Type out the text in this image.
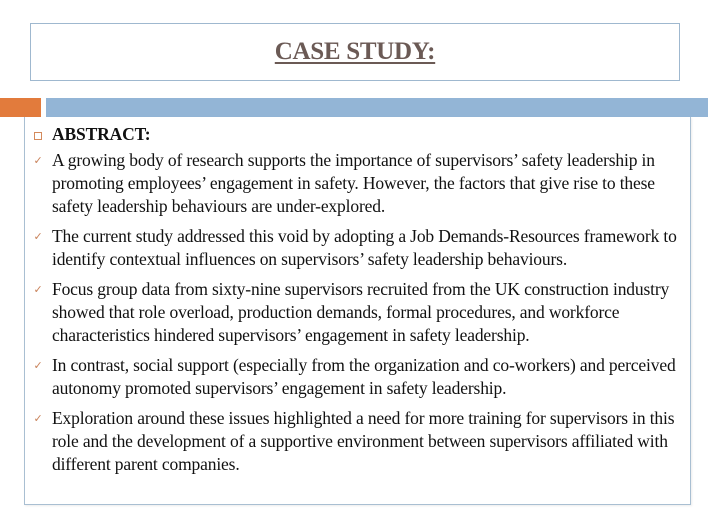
CASE STUDY:
ABSTRACT:
✓ A growing body of research supports the importance of supervisors’ safety leadership in promoting employees’ engagement in safety. However, the factors that give rise to these safety leadership behaviours are under-explored.
✓ The current study addressed this void by adopting a Job Demands-Resources framework to identify contextual influences on supervisors’ safety leadership behaviours.
✓ Focus group data from sixty-nine supervisors recruited from the UK construction industry showed that role overload, production demands, formal procedures, and workforce characteristics hindered supervisors’ engagement in safety leadership.
✓ In contrast, social support (especially from the organization and co-workers) and perceived autonomy promoted supervisors’ engagement in safety leadership.
✓ Exploration around these issues highlighted a need for more training for supervisors in this role and the development of a supportive environment between supervisors affiliated with different parent companies.
